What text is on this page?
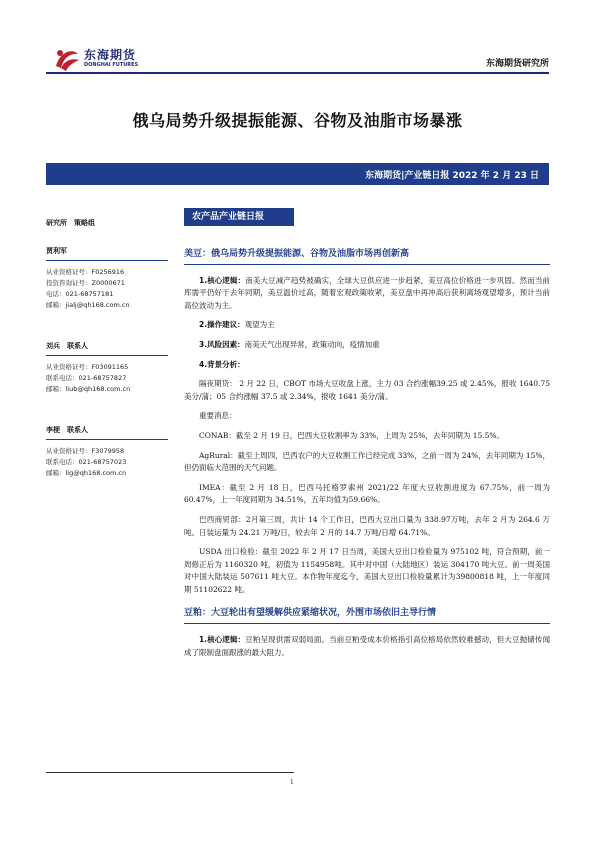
东海期货
DONGHAI FUTURES	东海期货研究所
俄乌局势升级提振能源、谷物及油脂市场暴涨
东海期货|产业链日报 2022 年 2 月 23 日
研究所　策略组
贾利军
从业资格证号：F0256916
投资咨询证号：Z0000671
电话：021-68757181
邮箱：jialj@qh168.com.cn
刘兵　联系人
从业资格证号：F03091165
联系电话：021-68757827
邮箱：liub@qh168.com.cn
李梗　联系人
从业资格证号：F3079958
联系电话：021-68757023
邮箱：lig@qh168.com.cn
农产品产业链日报
美豆：俄乌局势升级提振能源、谷物及油脂市场再创新高

1.核心逻辑：南美大豆减产趋势被确实，全球大豆供应进一步趋紧，美豆高位价格进一步巩固。然而当前库需平仍好于去年同期，美豆温价过高，随着宏观政策收紧，美豆盘中再冲高后获利离场观望增多，预计当前高位波动为主。

2.操作建议：观望为主

3.风险因素：南美天气出现异常，政策动向，疫情加重

4.背景分析：

隔夜期货： 2 月 22 日，CBOT 市场大豆收盘上涨，主力 03 合约涨幅39.25 或 2.45%，报收 1640.75 美分/蒲；05 合约涨幅 37.5 或 2.34%，报收 1641 美分/蒲。

重要消息：

CONAB：截至 2 月 19 日，巴西大豆收割率为 33%，上周为 25%，去年同期为 15.5%。

AgRural：截至上周四，巴西农户的大豆收割工作已经完成 33%，之前一周为 24%，去年同期为 15%，但仍面临大范围的天气问题。

IMEA：截至 2 月 18 日，巴西马托格罗索州 2021/22 年度大豆收割进度为 67.75%，前一周为 60.47%，上一年度同期为 34.51%，五年均值为59.66%。

巴西商贸部：2月第三周，共计 14 个工作日，巴西大豆出口量为 338.97万吨，去年 2 月为 264.6 万吨。日装运量为 24.21 万吨/日，较去年 2 月的 14.7 万吨/日增 64.71%。

USDA 出口检验：截至 2022 年 2 月 17 日当周，美国大豆出口检验量为 975102 吨，符合预期，前一周修正后为 1160320 吨，初值为 1154958吨。其中对中国（大陆地区）装运 304170 吨大豆。前一周美国对中国大陆装运 507611 吨大豆。本作物年度迄今，美国大豆出口检验量累计为39800818 吨，上一年度同期 51102622 吨。

豆粕：大豆轮出有望缓解供应紧缩状况，外围市场依旧主导行情

1.核心逻辑：豆粕呈现供需双弱局面。当前豆粕受成本价格指引高位格局依然较难撼动，但大豆抛储传闻成了限制盘面跟涨的最大阻力。

1
